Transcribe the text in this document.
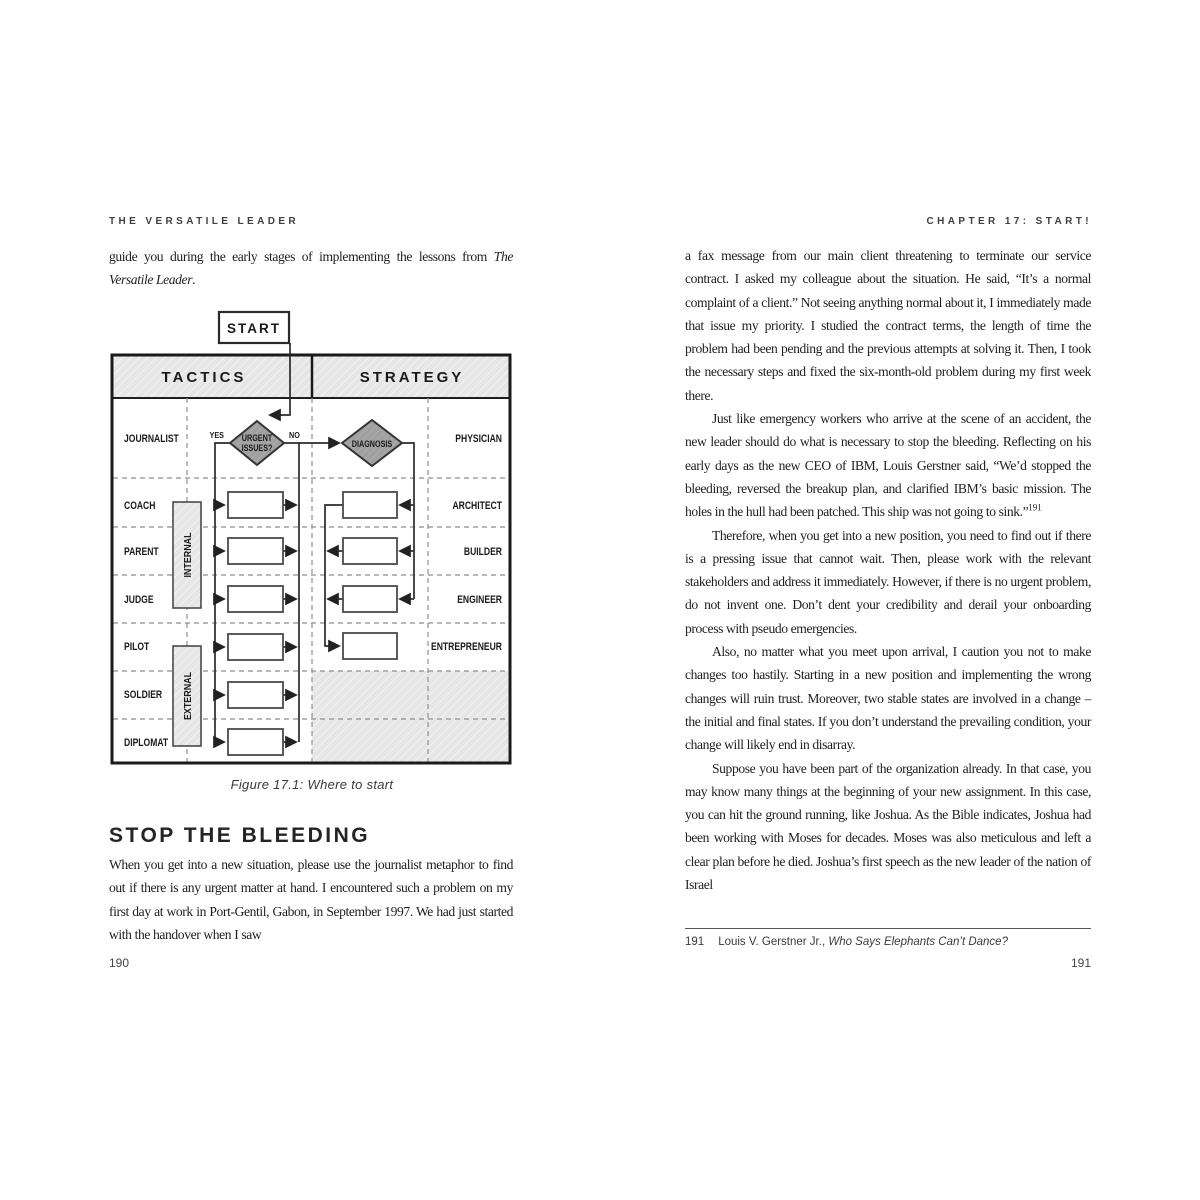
THE VERSATILE LEADER

guide you during the early stages of implementing the lessons from The Versatile Leader.

START
TACTICS	STRATEGY
JOURNALIST
COACH
PARENT
JUDGE
PILOT
SOLDIER
DIPLOMAT
PHYSICIAN
ARCHITECT
BUILDER
ENGINEER
ENTREPRENEUR
INTERNAL
EXTERNAL
YES	NO
URGENT
ISSUES?	DIAGNOSIS
Figure 17.1: Where to start
STOP THE BLEEDING

When you get into a new situation, please use the journalist metaphor to find out if there is any urgent matter at hand. I encountered such a problem on my first day at work in Port-Gentil, Gabon, in September 1997. We had just started with the handover when I saw

190
CHAPTER 17: START!

a fax message from our main client threatening to terminate our service contract. I asked my colleague about the situation. He said, “It’s a normal complaint of a client.” Not seeing anything normal about it, I immediately made that issue my priority. I studied the contract terms, the length of time the problem had been pending and the previous attempts at solving it. Then, I took the necessary steps and fixed the six-month-old problem during my first week there.

Just like emergency workers who arrive at the scene of an accident, the new leader should do what is necessary to stop the bleeding. Reflecting on his early days as the new CEO of IBM, Louis Gerstner said, “We’d stopped the bleeding, reversed the breakup plan, and clarified IBM’s basic mission. The holes in the hull had been patched. This ship was not going to sink.”$^{191}$

Therefore, when you get into a new position, you need to find out if there is a pressing issue that cannot wait. Then, please work with the relevant stakeholders and address it immediately. However, if there is no urgent problem, do not invent one. Don’t dent your credibility and derail your onboarding process with pseudo emergencies.

Also, no matter what you meet upon arrival, I caution you not to make changes too hastily. Starting in a new position and implementing the wrong changes will ruin trust. Moreover, two stable states are involved in a change – the initial and final states. If you don’t understand the prevailing condition, your change will likely end in disarray.

Suppose you have been part of the organization already. In that case, you may know many things at the beginning of your new assignment. In this case, you can hit the ground running, like Joshua. As the Bible indicates, Joshua had been working with Moses for decades. Moses was also meticulous and left a clear plan before he died. Joshua’s first speech as the new leader of the nation of Israel

191 Louis V. Gerstner Jr., Who Says Elephants Can’t Dance?
191
